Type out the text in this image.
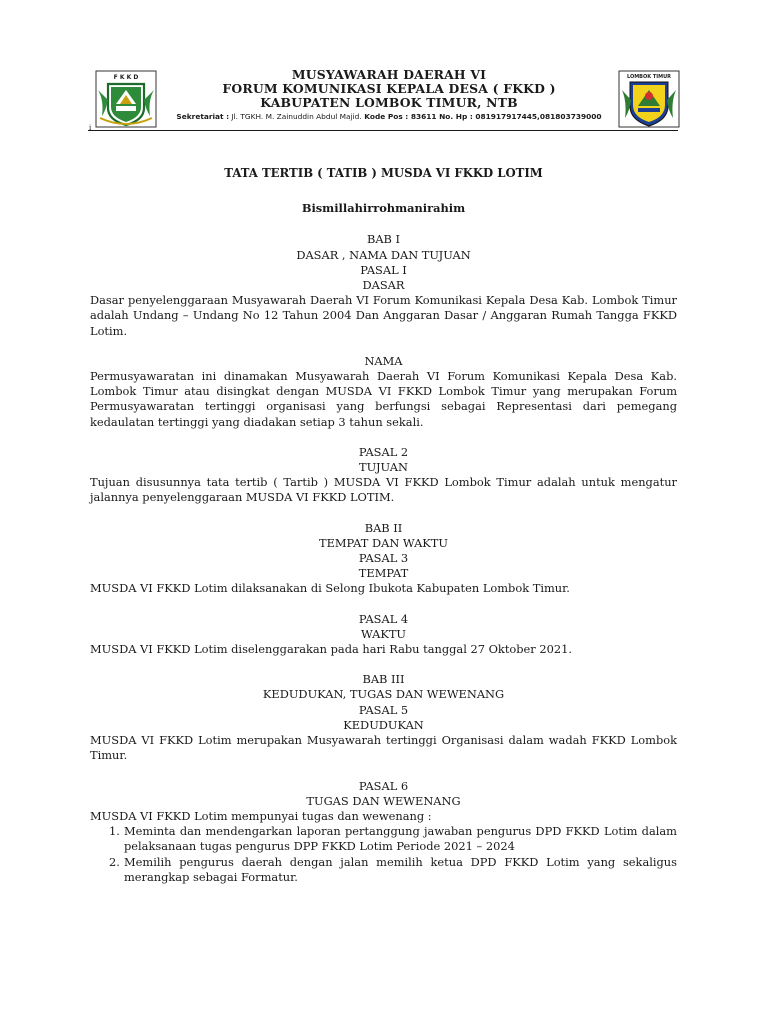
F K K D	MUSYAWARAH DAERAH VI
FORUM KOMUNIKASI KEPALA DESA ( FKKD )
KABUPATEN LOMBOK TIMUR, NTB
Sekretariat : Jl. TGKH. M. Zainuddin Abdul Majid. Kode Pos : 83611 No. Hp : 081917917445,081803739000
LOMBOK TIMUR
i
TATA TERTIB ( TATIB ) MUSDA VI FKKD LOTIM
Bismillahirrohmanirahim
BAB I
DASAR , NAMA DAN TUJUAN
PASAL I
DASAR
Dasar penyelenggaraan Musyawarah Daerah VI Forum Komunikasi Kepala Desa Kab. Lombok Timur adalah Undang – Undang No 12 Tahun 2004 Dan Anggaran Dasar / Anggaran Rumah Tangga FKKD Lotim.
NAMA
Permusyawaratan ini dinamakan Musyawarah Daerah VI Forum Komunikasi Kepala Desa Kab. Lombok Timur atau disingkat dengan MUSDA VI FKKD Lombok Timur yang merupakan Forum Permusyawaratan tertinggi organisasi yang berfungsi sebagai Representasi dari pemegang kedaulatan tertinggi yang diadakan setiap 3 tahun sekali.
PASAL 2
TUJUAN
Tujuan disusunnya tata tertib ( Tartib ) MUSDA VI FKKD Lombok Timur adalah untuk mengatur jalannya penyelenggaraan MUSDA VI FKKD LOTIM.
BAB II
TEMPAT DAN WAKTU
PASAL 3
TEMPAT
MUSDA VI FKKD Lotim dilaksanakan di Selong Ibukota Kabupaten Lombok Timur.
PASAL 4
WAKTU
MUSDA VI FKKD Lotim diselenggarakan pada hari Rabu tanggal 27 Oktober 2021.
BAB III
KEDUDUKAN, TUGAS DAN WEWENANG
PASAL 5
KEDUDUKAN
MUSDA VI FKKD Lotim merupakan Musyawarah tertinggi Organisasi dalam wadah FKKD Lombok Timur.
PASAL 6
TUGAS DAN WEWENANG
MUSDA VI FKKD Lotim mempunyai tugas dan wewenang :
1. Meminta dan mendengarkan laporan pertanggung jawaban pengurus DPD FKKD Lotim dalam pelaksanaan tugas pengurus DPP FKKD Lotim Periode 2021 – 2024
2. Memilih pengurus daerah dengan jalan memilih ketua DPD FKKD Lotim yang sekaligus merangkap sebagai Formatur.
